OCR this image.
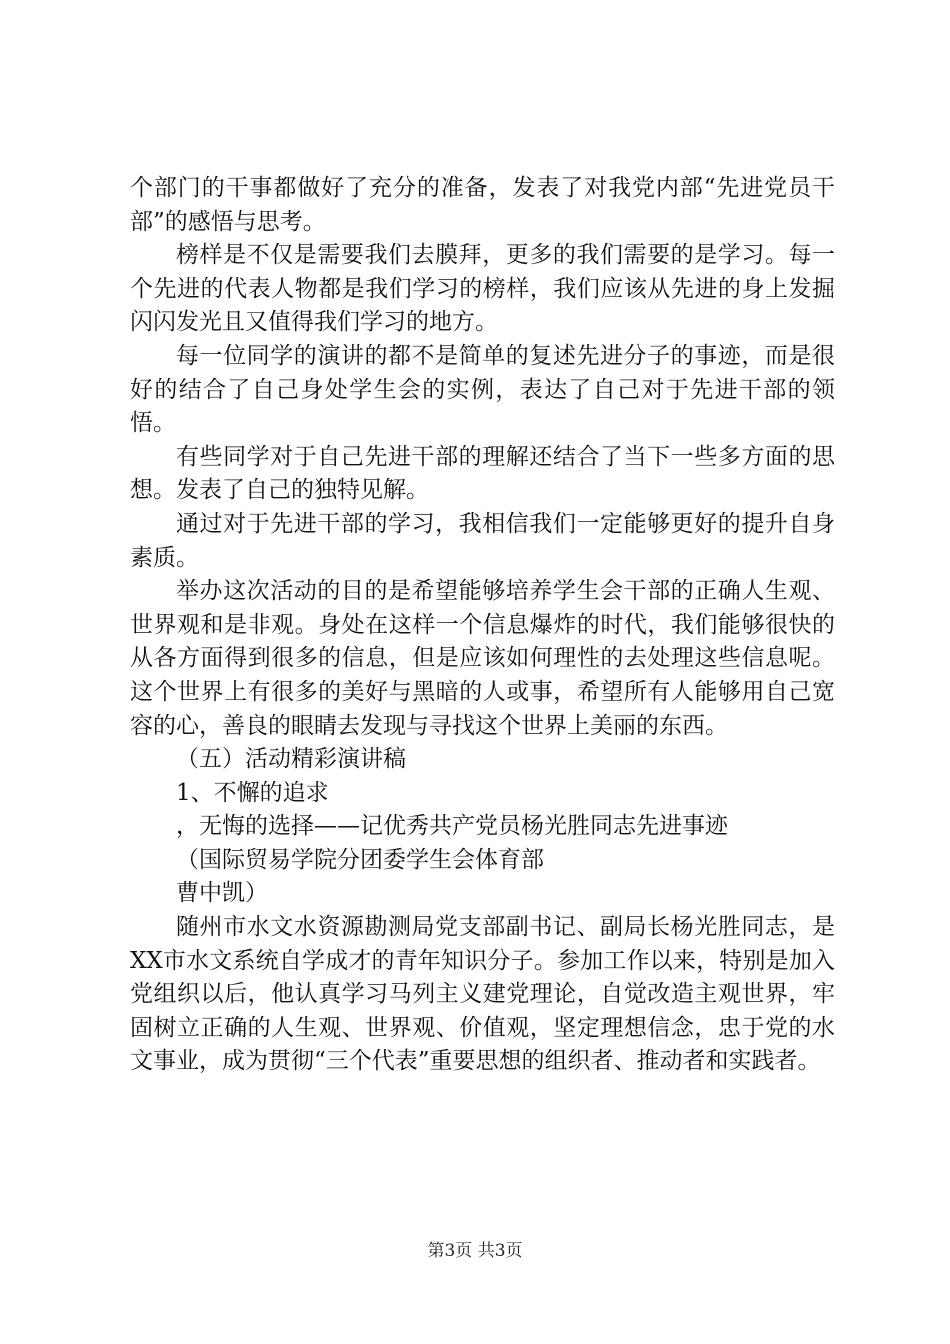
个部门的干事都做好了充分的准备，发表了对我党内部“先进党员干部”的感悟与思考。

榜样是不仅是需要我们去膜拜，更多的我们需要的是学习。每一个先进的代表人物都是我们学习的榜样，我们应该从先进的身上发掘闪闪发光且又值得我们学习的地方。

每一位同学的演讲的都不是简单的复述先进分子的事迹，而是很好的结合了自己身处学生会的实例，表达了自己对于先进干部的领悟。

有些同学对于自己先进干部的理解还结合了当下一些多方面的思想。发表了自己的独特见解。

通过对于先进干部的学习，我相信我们一定能够更好的提升自身素质。

举办这次活动的目的是希望能够培养学生会干部的正确人生观、世界观和是非观。身处在这样一个信息爆炸的时代，我们能够很快的从各方面得到很多的信息，但是应该如何理性的去处理这些信息呢。这个世界上有很多的美好与黑暗的人或事，希望所有人能够用自己宽容的心，善良的眼睛去发现与寻找这个世界上美丽的东西。

（五）活动精彩演讲稿

1、不懈的追求

，无悔的选择——记优秀共产党员杨光胜同志先进事迹

（国际贸易学院分团委学生会体育部

曹中凯）

随州市水文水资源勘测局党支部副书记、副局长杨光胜同志，是XX市水文系统自学成才的青年知识分子。参加工作以来，特别是加入党组织以后，他认真学习马列主义建党理论，自觉改造主观世界，牢固树立正确的人生观、世界观、价值观，坚定理想信念，忠于党的水文事业，成为贯彻“三个代表”重要思想的组织者、推动者和实践者。

第3页 共3页
